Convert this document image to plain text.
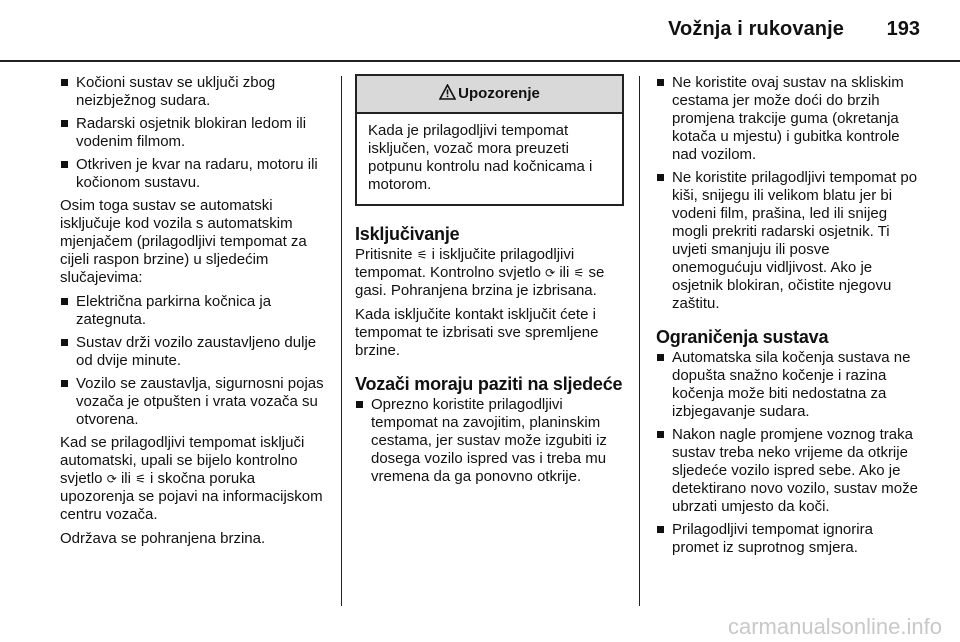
Vožnja i rukovanje 193
Kočioni sustav se uključi zbog neizbježnog sudara.
Radarski osjetnik blokiran ledom ili vodenim filmom.
Otkriven je kvar na radaru, motoru ili kočionom sustavu.

Osim toga sustav se automatski isključuje kod vozila s automatskim mjenjačem (prilagodljivi tempomat za cijeli raspon brzine) u sljedećim slučajevima:

Električna parkirna kočnica ja zategnuta.
Sustav drži vozilo zaustavljeno dulje od dvije minute.
Vozilo se zaustavlja, sigurnosni pojas vozača je otpušten i vrata vozača su otvorena.

Kad se prilagodljivi tempomat isključi automatski, upali se bijelo kontrolno svjetlo ⟳ ili ⚟ i skočna poruka upozorenja se pojavi na informacijskom centru vozača.

Održava se pohranjena brzina.

Upozorenje
Kada je prilagodljivi tempomat isključen, vozač mora preuzeti potpunu kontrolu nad kočnicama i motorom.
Isključivanje

Pritisnite ⚟ i isključite prilagodljivi tempomat. Kontrolno svjetlo ⟳ ili ⚟ se gasi. Pohranjena brzina je izbrisana.

Kada isključite kontakt isključit ćete i tempomat te izbrisati sve spremljene brzine.

Vozači moraju paziti na sljedeće
Oprezno koristite prilagodljivi tempomat na zavojitim, planinskim cestama, jer sustav može izgubiti iz dosega vozilo ispred vas i treba mu vremena da ga ponovno otkrije.
Ne koristite ovaj sustav na skliskim cestama jer može doći do brzih promjena trakcije guma (okretanja kotača u mjestu) i gubitka kontrole nad vozilom.
Ne koristite prilagodljivi tempomat po kiši, snijegu ili velikom blatu jer bi vodeni film, prašina, led ili snijeg mogli prekriti radarski osjetnik. Ti uvjeti smanjuju ili posve onemogućuju vidljivost. Ako je osjetnik blokiran, očistite njegovu zaštitu.
Ograničenja sustava
Automatska sila kočenja sustava ne dopušta snažno kočenje i razina kočenja može biti nedostatna za izbjegavanje sudara.
Nakon nagle promjene voznog traka sustav treba neko vrijeme da otkrije sljedeće vozilo ispred sebe. Ako je detektirano novo vozilo, sustav može ubrzati umjesto da koči.
Prilagodljivi tempomat ignorira promet iz suprotnog smjera.
carmanualsonline.info
